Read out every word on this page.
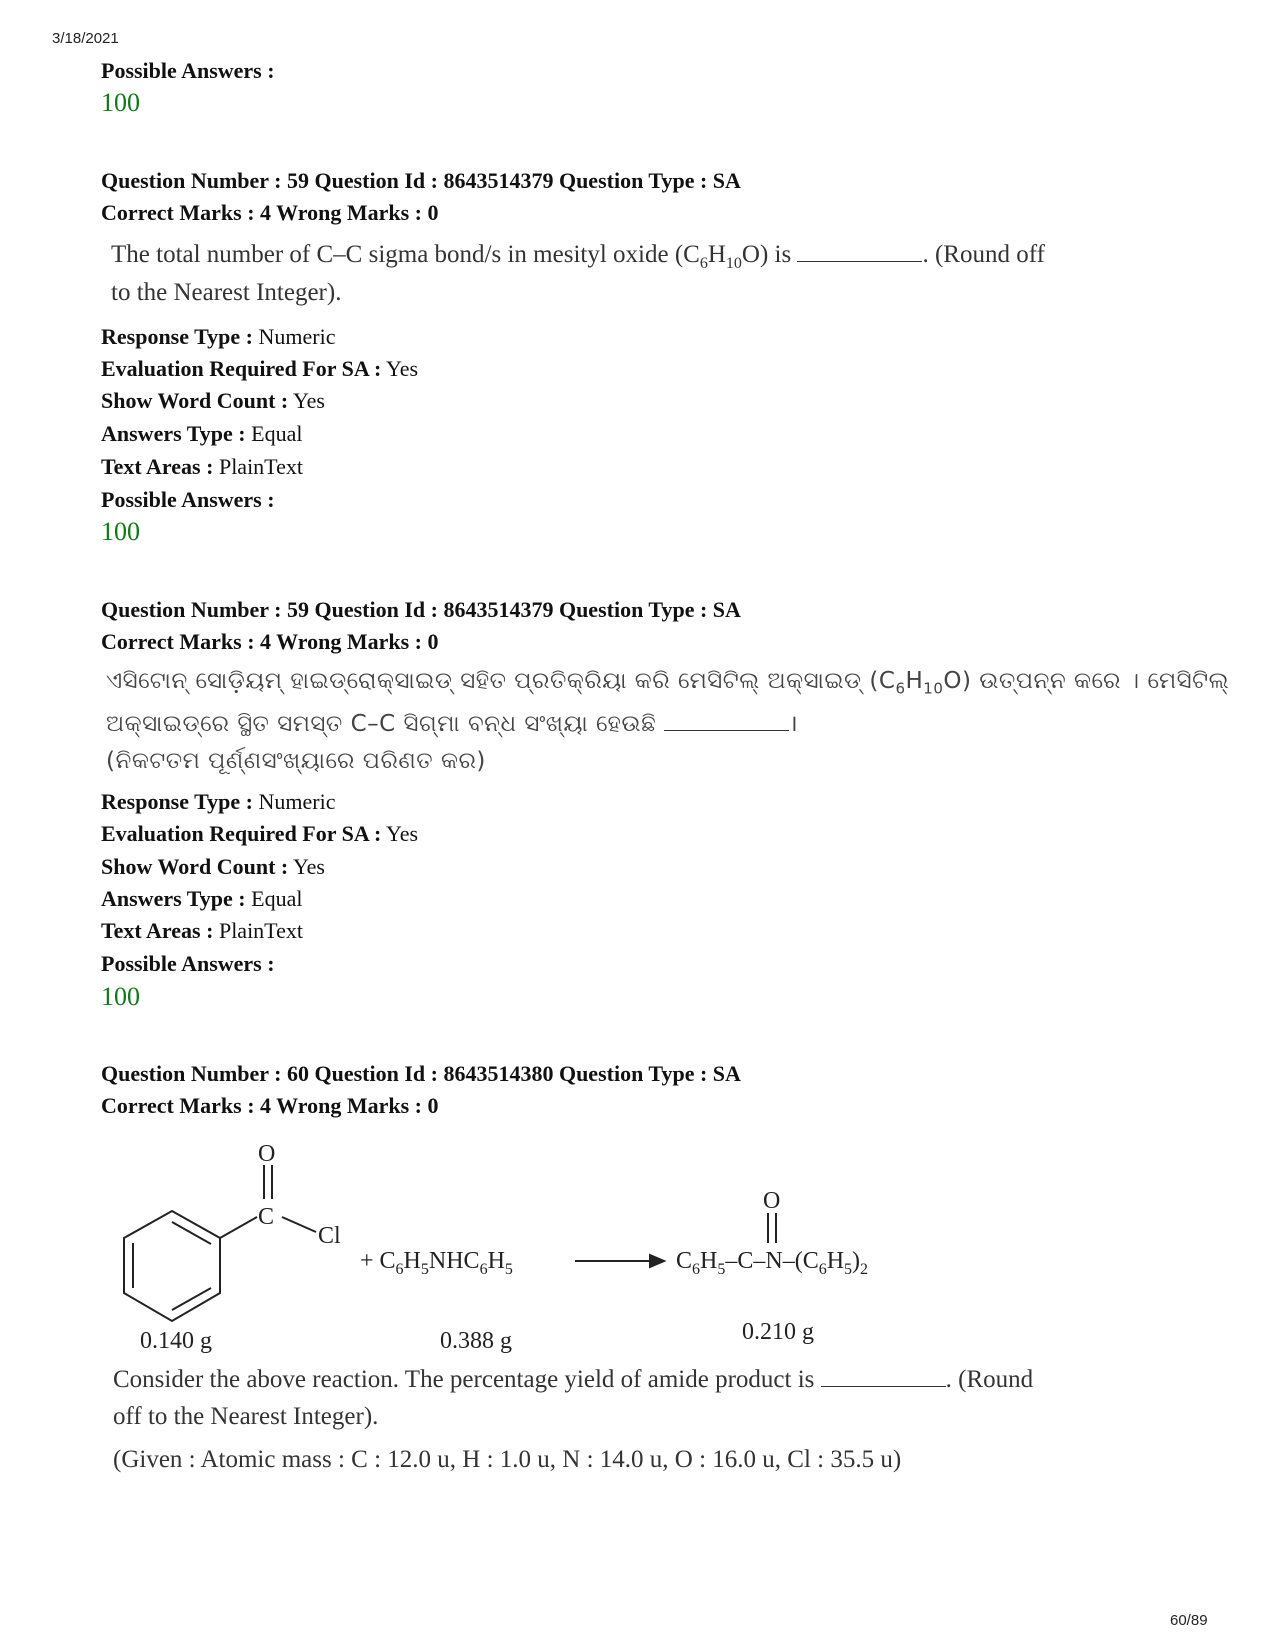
3/18/2021
Possible Answers :
100
Question Number : 59 Question Id : 8643514379 Question Type : SA
Correct Marks : 4 Wrong Marks : 0
The total number of C–C sigma bond/s in mesityl oxide $(C_6H_{10}O)$ is	. (Round off
to the Nearest Integer).
Response Type : Numeric
Evaluation Required For SA : Yes
Show Word Count : Yes
Answers Type : Equal
Text Areas : PlainText
Possible Answers :
100
Question Number : 59 Question Id : 8643514379 Question Type : SA
Correct Marks : 4 Wrong Marks : 0
ଏସିଟୋନ୍ ସୋଡ଼ିୟମ୍ ହାଇଡ୍ରୋକ୍ସାଇଡ୍ ସହିତ ପ୍ରତିକ୍ରିୟା କରି ମେସିଟିଲ୍ ଅକ୍ସାଇଡ୍ $(C_6H_{10}O)$ ଉତ୍ପନ୍ନ କରେ । ମେସିଟିଲ୍
ଅକ୍ସାଇଡ୍‌ରେ ସ୍ଥିତ ସମସ୍ତ C–C ସିଗ୍ମା ବନ୍ଧ ସଂଖ୍ୟା ହେଉଛି	।
(ନିକଟତମ ପୂର୍ଣ୍ଣସଂଖ୍ୟାରେ ପରିଣତ କର)
Response Type : Numeric
Evaluation Required For SA : Yes
Show Word Count : Yes
Answers Type : Equal
Text Areas : PlainText
Possible Answers :
100
Question Number : 60 Question Id : 8643514380 Question Type : SA
Correct Marks : 4 Wrong Marks : 0
O
C
Cl
+ $C_6H_5NHC_6H_5$
O
$C_6H_5-C-N-(C_6H_5)_2$
0.140 g	0.388 g	0.210 g
Consider the above reaction. The percentage yield of amide product is	. (Round
off to the Nearest Integer).
(Given : Atomic mass : C : 12.0 u, H : 1.0 u, N : 14.0 u, O : 16.0 u, Cl : 35.5 u)
60/89
